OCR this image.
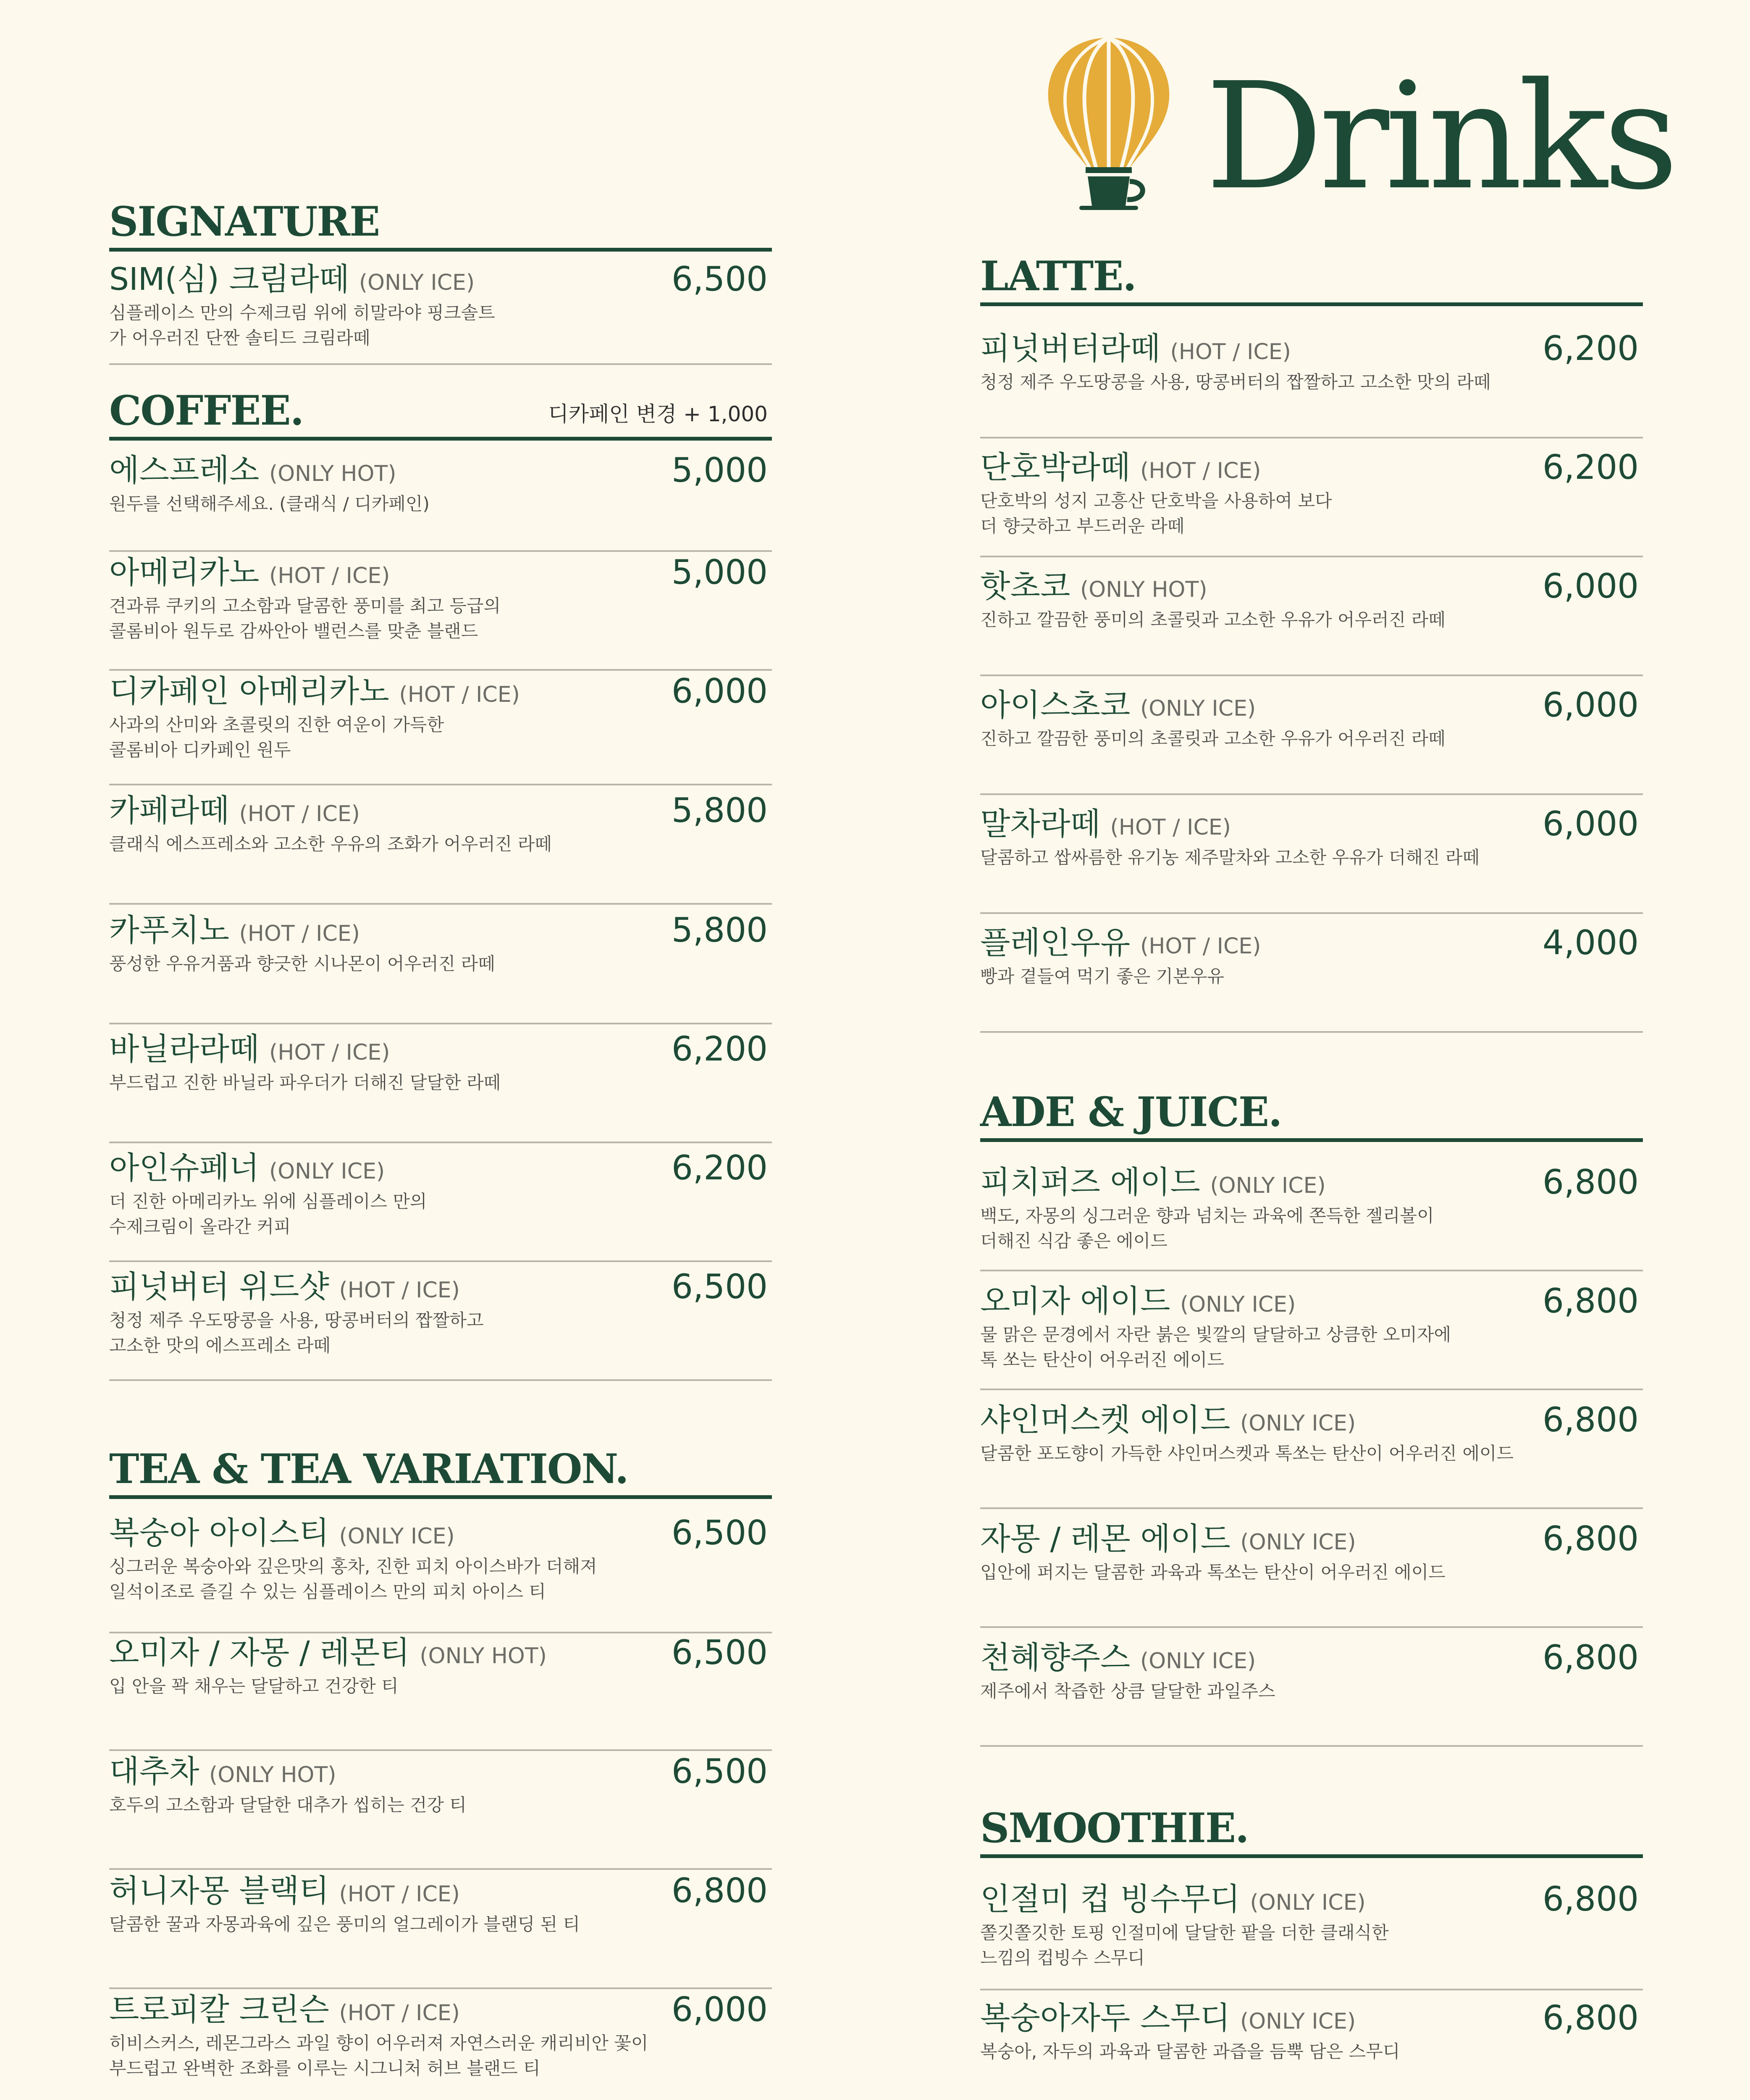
Drinks
SIGNATURE
SIM(심) 크림라떼 (ONLY ICE)	6,500
심플레이스 만의 수제크림 위에 히말라야 핑크솔트
가 어우러진 단짠 솔티드 크림라떼
COFFEE.	디카페인 변경 + 1,000
에스프레소 (ONLY HOT)	5,000
원두를 선택해주세요. (클래식 / 디카페인)
아메리카노 (HOT / ICE)	5,000
견과류 쿠키의 고소함과 달콤한 풍미를 최고 등급의
콜롬비아 원두로 감싸안아 밸런스를 맞춘 블랜드
디카페인 아메리카노 (HOT / ICE)	6,000
사과의 산미와 초콜릿의 진한 여운이 가득한
콜롬비아 디카페인 원두
카페라떼 (HOT / ICE)	5,800
클래식 에스프레소와 고소한 우유의 조화가 어우러진 라떼
카푸치노 (HOT / ICE)	5,800
풍성한 우유거품과 향긋한 시나몬이 어우러진 라떼
바닐라라떼 (HOT / ICE)	6,200
부드럽고 진한 바닐라 파우더가 더해진 달달한 라떼
아인슈페너 (ONLY ICE)	6,200
더 진한 아메리카노 위에 심플레이스 만의
수제크림이 올라간 커피
피넛버터 위드샷 (HOT / ICE)	6,500
청정 제주 우도땅콩을 사용, 땅콩버터의 짭짤하고
고소한 맛의 에스프레소 라떼
TEA & TEA VARIATION.
복숭아 아이스티 (ONLY ICE)	6,500
싱그러운 복숭아와 깊은맛의 홍차, 진한 피치 아이스바가 더해져
일석이조로 즐길 수 있는 심플레이스 만의 피치 아이스 티
오미자 / 자몽 / 레몬티 (ONLY HOT)	6,500
입 안을 꽉 채우는 달달하고 건강한 티
대추차 (ONLY HOT)	6,500
호두의 고소함과 달달한 대추가 씹히는 건강 티
허니자몽 블랙티 (HOT / ICE)	6,800
달콤한 꿀과 자몽과육에 깊은 풍미의 얼그레이가 블랜딩 된 티
트로피칼 크린슨 (HOT / ICE)	6,000
히비스커스, 레몬그라스 과일 향이 어우러져 자연스러운 캐리비안 꽃이
부드럽고 완벽한 조화를 이루는 시그니처 허브 블랜드 티
LATTE.
피넛버터라떼 (HOT / ICE)	6,200
청정 제주 우도땅콩을 사용, 땅콩버터의 짭짤하고 고소한 맛의 라떼
단호박라떼 (HOT / ICE)	6,200
단호박의 성지 고흥산 단호박을 사용하여 보다
더 향긋하고 부드러운 라떼
핫초코 (ONLY HOT)	6,000
진하고 깔끔한 풍미의 초콜릿과 고소한 우유가 어우러진 라떼
아이스초코 (ONLY ICE)	6,000
진하고 깔끔한 풍미의 초콜릿과 고소한 우유가 어우러진 라떼
말차라떼 (HOT / ICE)	6,000
달콤하고 쌉싸름한 유기농 제주말차와 고소한 우유가 더해진 라떼
플레인우유 (HOT / ICE)	4,000
빵과 곁들여 먹기 좋은 기본우유
ADE & JUICE.
피치퍼즈 에이드 (ONLY ICE)	6,800
백도, 자몽의 싱그러운 향과 넘치는 과육에 쫀득한 젤리볼이
더해진 식감 좋은 에이드
오미자 에이드 (ONLY ICE)	6,800
물 맑은 문경에서 자란 붉은 빛깔의 달달하고 상큼한 오미자에
톡 쏘는 탄산이 어우러진 에이드
샤인머스켓 에이드 (ONLY ICE)	6,800
달콤한 포도향이 가득한 샤인머스켓과 톡쏘는 탄산이 어우러진 에이드
자몽 / 레몬 에이드 (ONLY ICE)	6,800
입안에 퍼지는 달콤한 과육과 톡쏘는 탄산이 어우러진 에이드
천혜향주스 (ONLY ICE)	6,800
제주에서 착즙한 상큼 달달한 과일주스
SMOOTHIE.
인절미 컵 빙수무디 (ONLY ICE)	6,800
쫄깃쫄깃한 토핑 인절미에 달달한 팥을 더한 클래식한
느낌의 컵빙수 스무디
복숭아자두 스무디 (ONLY ICE)	6,800
복숭아, 자두의 과육과 달콤한 과즙을 듬뿍 담은 스무디
